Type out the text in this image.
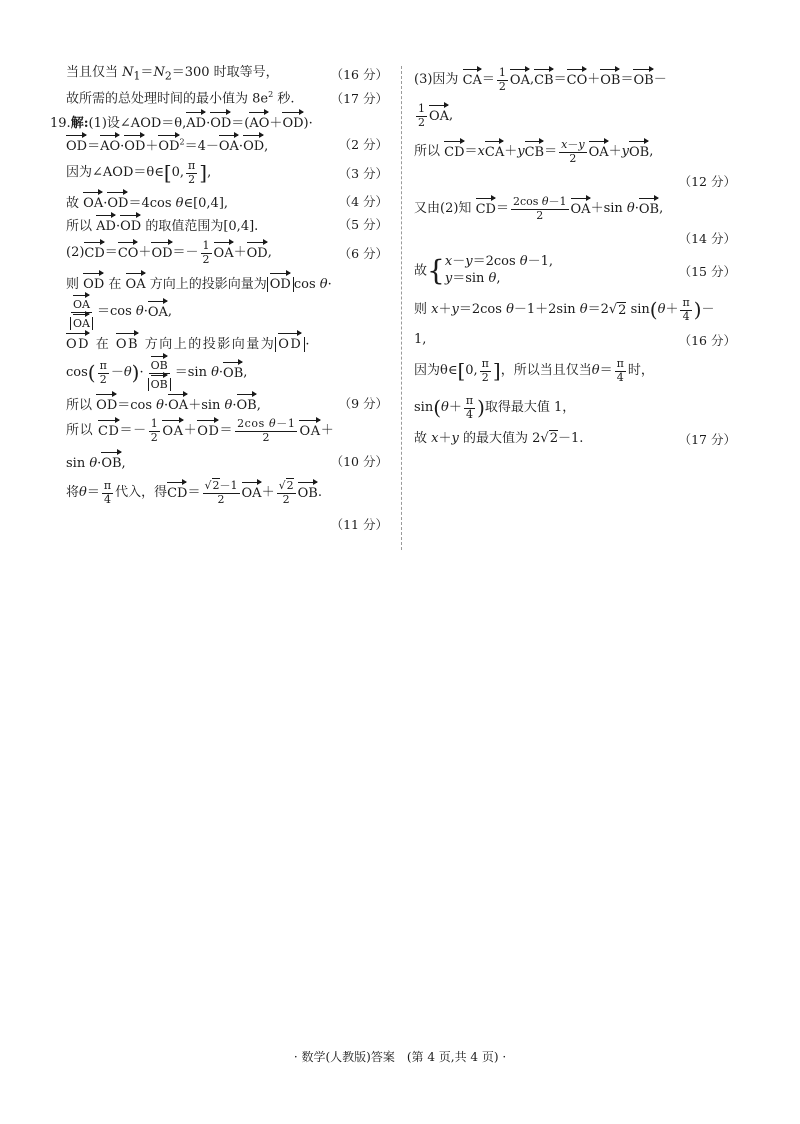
当且仅当 $N_1=N_2=300$ 时取等号，	（16 分）
故所需的总处理时间的最小值为 $8e^2$ 秒.	（17 分）
19.解:(1)设∠AOD＝θ,AD·OD＝(AO＋OD)·
$OD=AO\cdot OD+OD^2=4-OA\cdot OD$,	（2 分）
因为∠AOD＝θ∈[0, $\frac{\pi}{2}$ ],	（3 分）
故 OA·OD＝4cos θ∈[0,4],	（4 分）
所以 AD·OD 的取值范围为[0,4].	（5 分）
$(2)CD=CO+OD=- \frac{1}{2} OA+OD$,	（6 分）
则 OD 在 OA 方向上的投影向量为 OD cos θ·
$\frac{OA}{OA} =\cos$ θ·OA,
OD 在 OB 方向上的投影向量为 OD ·
$\cos( \frac{\pi}{2} -\theta)\cdot \frac{OB}{OB} =\sin$ θ·OB,
所以 OD＝cos θ·OA＋sin θ·OB,	（9 分）
所以 $CD=- \frac{1}{2} OA+OD= \frac{\text{2cos θ－1}}{2} OA+$
sin θ·OB,	（10 分）
将$\theta= \frac{\pi}{4}$ 代入，得$CD= \frac{√2-1}{2} OA+ \frac{√2}{2}$ OB.
（11 分）
(3)因为 $CA= \frac{1}{2} OA,CB=CO+OB=OB-$
$\frac{1}{2}$ OA,
所以 $CD=xCA+yCB= \frac{x-y}{2} OA+yOB$,
（12 分）
又由(2)知 $CD= \frac{\text{2cos θ－1}}{2} OA+\sin$ θ·OB,
（14 分）
故{ x－y＝2cos θ－1,
y＝sin θ,	（15 分）
则 x＋y＝2cos θ－1＋2sin θ＝2√2 $\sin(\theta+ \frac{\pi}{4}$ )－
1,	（16 分）
因为θ∈[0, $\frac{\pi}{2}$ ]，所以当且仅当$\theta= \frac{\pi}{4}$ 时，
$\sin(\theta+ \frac{\pi}{4}$ )取得最大值 1，
故 x＋y 的最大值为 2√2－1.	（17 分）
· 数学(人教版)答案　(第 4 页,共 4 页) ·
